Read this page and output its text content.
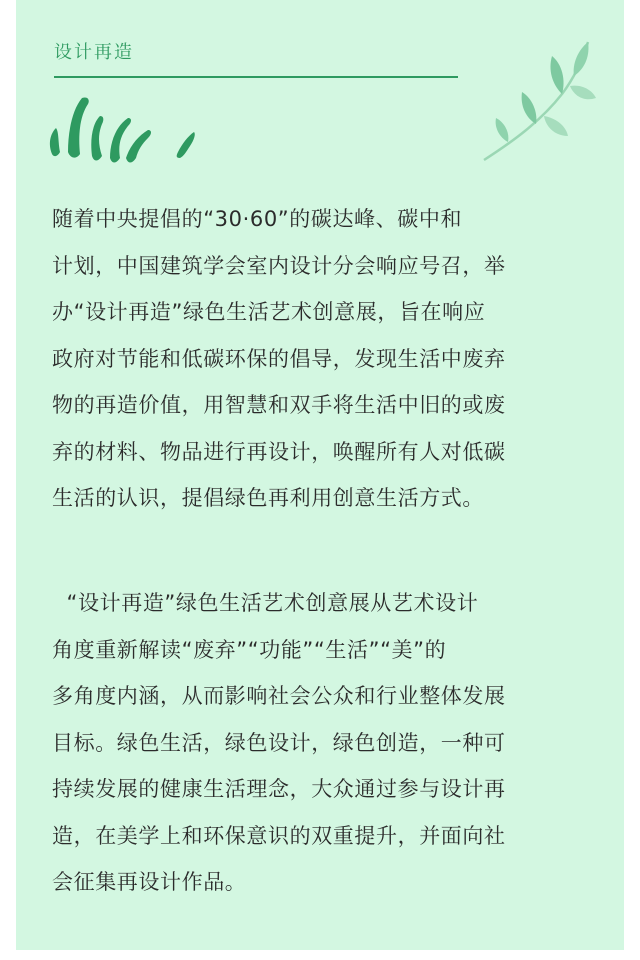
设计再造
随着中央提倡的“30·60”的碳达峰、碳中和
计划，中国建筑学会室内设计分会响应号召，举
办“设计再造”绿色生活艺术创意展，旨在响应
政府对节能和低碳环保的倡导，发现生活中废弃
物的再造价值，用智慧和双手将生活中旧的或废
弃的材料、物品进行再设计，唤醒所有人对低碳
生活的认识，提倡绿色再利用创意生活方式。
“设计再造”绿色生活艺术创意展从艺术设计
角度重新解读“废弃”“功能”“生活”“美”的
多角度内涵，从而影响社会公众和行业整体发展
目标。绿色生活，绿色设计，绿色创造，一种可
持续发展的健康生活理念，大众通过参与设计再
造，在美学上和环保意识的双重提升，并面向社
会征集再设计作品。
